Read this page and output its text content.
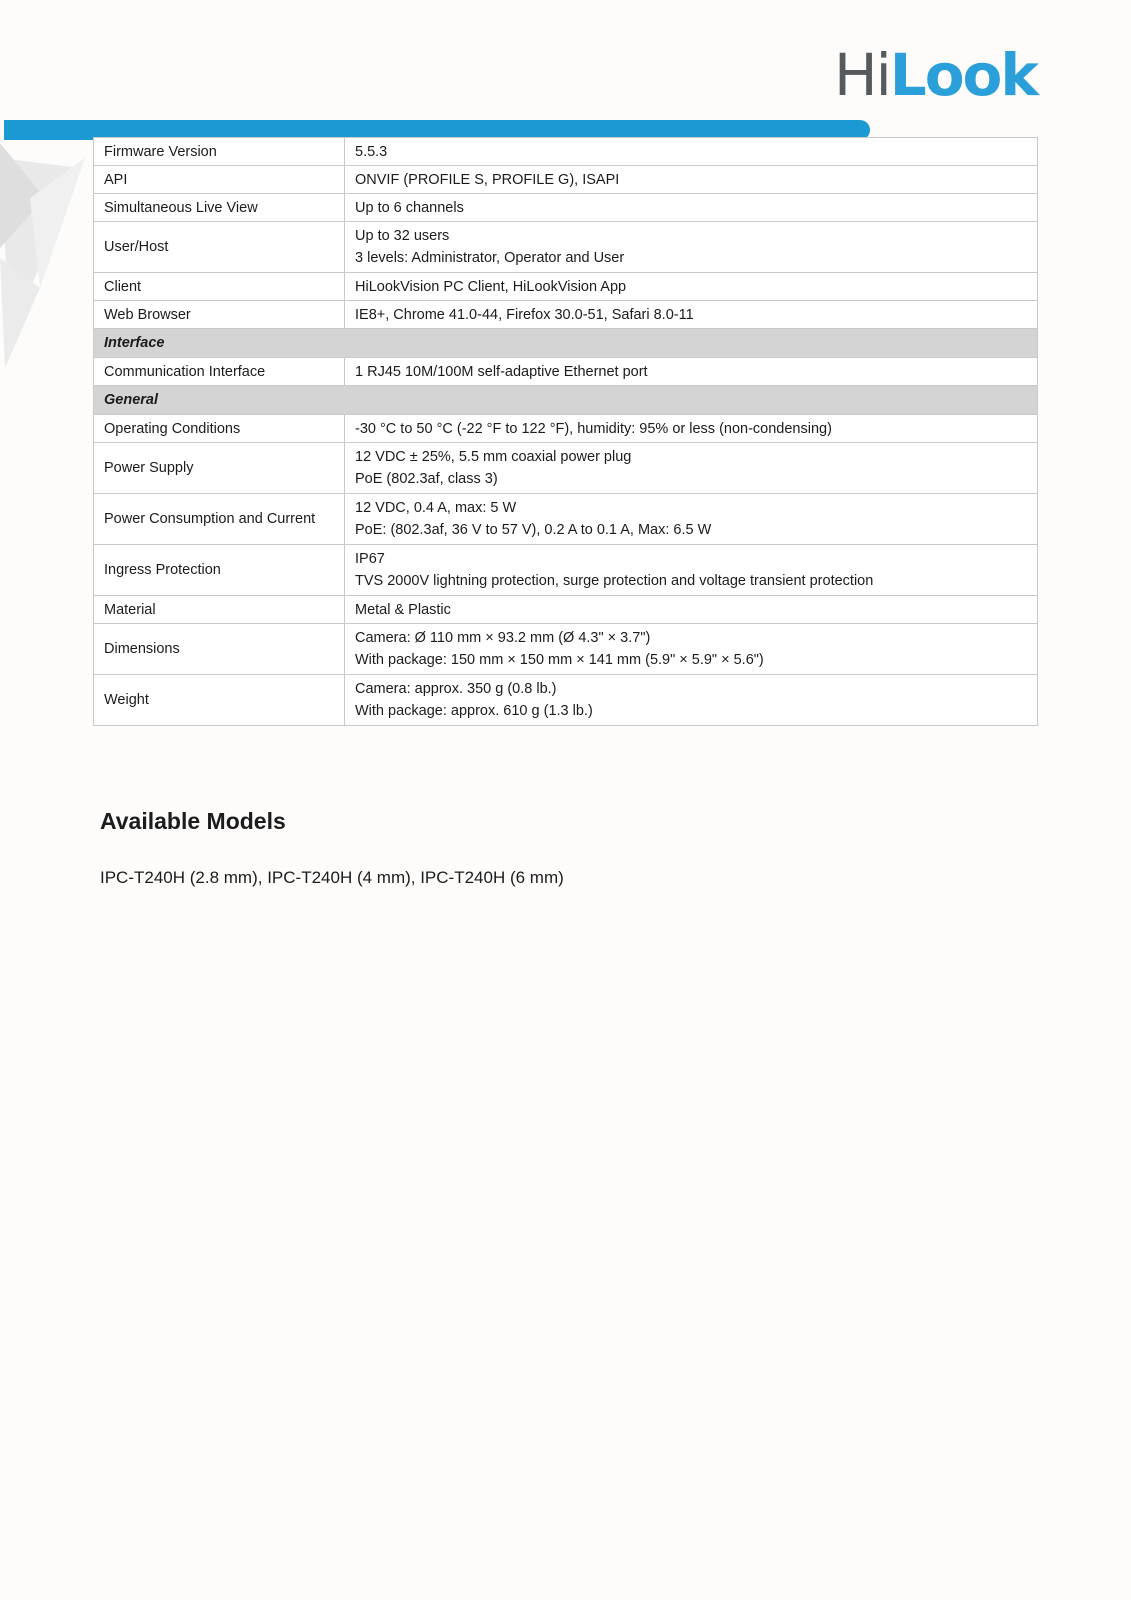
HiLook
Firmware Version	5.5.3
API	ONVIF (PROFILE S, PROFILE G), ISAPI
Simultaneous Live View	Up to 6 channels
User/Host	Up to 32 users
3 levels: Administrator, Operator and User

Client	HiLookVision PC Client, HiLookVision App
Web Browser	IE8+, Chrome 41.0-44, Firefox 30.0-51, Safari 8.0-11
Interface	
Communication Interface	1 RJ45 10M/100M self-adaptive Ethernet port
General	
Operating Conditions	-30 °C to 50 °C (-22 °F to 122 °F), humidity: 95% or less (non-condensing)
Power Supply	12 VDC ± 25%, 5.5 mm coaxial power plug
PoE (802.3af, class 3)

Power Consumption and Current	12 VDC, 0.4 A, max: 5 W
PoE: (802.3af, 36 V to 57 V), 0.2 A to 0.1 A, Max: 6.5 W

Ingress Protection	IP67
TVS 2000V lightning protection, surge protection and voltage transient protection

Material	Metal & Plastic
Dimensions	Camera: Ø 110 mm × 93.2 mm (Ø 4.3" × 3.7")
With package: 150 mm × 150 mm × 141 mm (5.9" × 5.9" × 5.6")

Weight	Camera: approx. 350 g (0.8 lb.)
With package: approx. 610 g (1.3 lb.)
Available Models

IPC-T240H (2.8 mm), IPC-T240H (4 mm), IPC-T240H (6 mm)
